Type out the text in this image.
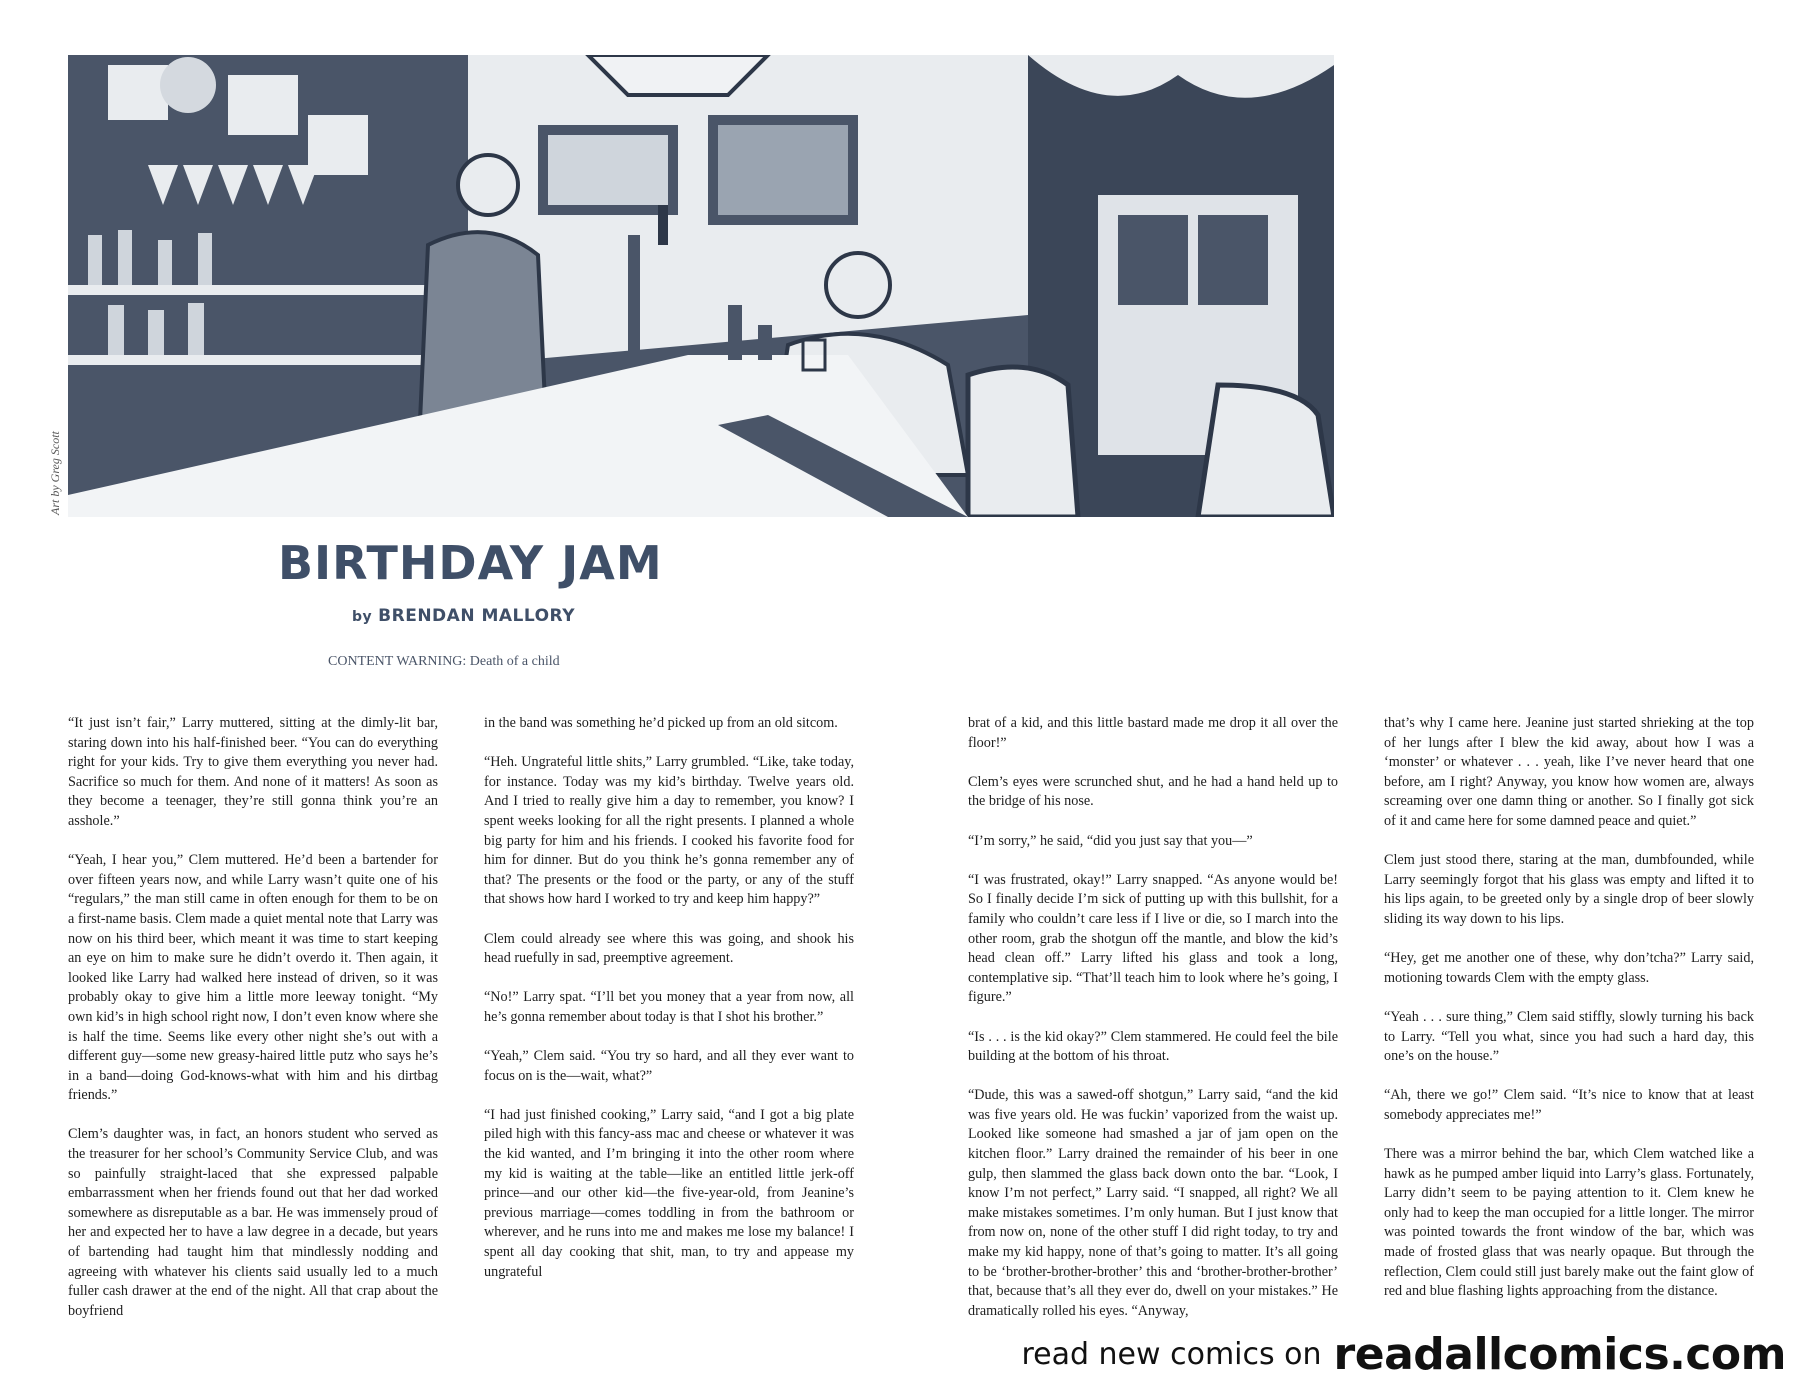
Art by Greg Scott
BIRTHDAY JAM
by BRENDAN MALLORY
CONTENT WARNING: Death of a child

“It just isn’t fair,” Larry muttered, sitting at the dimly-lit bar, staring down into his half-finished beer. “You can do everything right for your kids. Try to give them everything you never had. Sacrifice so much for them. And none of it matters! As soon as they become a teenager, they’re still gonna think you’re an asshole.”

“Yeah, I hear you,” Clem muttered. He’d been a bartender for over fifteen years now, and while Larry wasn’t quite one of his “regulars,” the man still came in often enough for them to be on a first-name basis. Clem made a quiet mental note that Larry was now on his third beer, which meant it was time to start keeping an eye on him to make sure he didn’t overdo it. Then again, it looked like Larry had walked here instead of driven, so it was probably okay to give him a little more leeway tonight. “My own kid’s in high school right now, I don’t even know where she is half the time. Seems like every other night she’s out with a different guy—some new greasy-haired little putz who says he’s in a band—doing God-knows-what with him and his dirtbag friends.”

Clem’s daughter was, in fact, an honors student who served as the treasurer for her school’s Community Service Club, and was so painfully straight-laced that she expressed palpable embarrassment when her friends found out that her dad worked somewhere as disreputable as a bar. He was immensely proud of her and expected her to have a law degree in a decade, but years of bartending had taught him that mindlessly nodding and agreeing with whatever his clients said usually led to a much fuller cash drawer at the end of the night. All that crap about the boyfriend

in the band was something he’d picked up from an old sitcom.

“Heh. Ungrateful little shits,” Larry grumbled. “Like, take today, for instance. Today was my kid’s birthday. Twelve years old. And I tried to really give him a day to remember, you know? I spent weeks looking for all the right presents. I planned a whole big party for him and his friends. I cooked his favorite food for him for dinner. But do you think he’s gonna remember any of that? The presents or the food or the party, or any of the stuff that shows how hard I worked to try and keep him happy?”

Clem could already see where this was going, and shook his head ruefully in sad, preemptive agreement.

“No!” Larry spat. “I’ll bet you money that a year from now, all he’s gonna remember about today is that I shot his brother.”

“Yeah,” Clem said. “You try so hard, and all they ever want to focus on is the—wait, what?”

“I had just finished cooking,” Larry said, “and I got a big plate piled high with this fancy-ass mac and cheese or whatever it was the kid wanted, and I’m bringing it into the other room where my kid is waiting at the table—like an entitled little jerk-off prince—and our other kid—the five-year-old, from Jeanine’s previous marriage—comes toddling in from the bathroom or wherever, and he runs into me and makes me lose my balance! I spent all day cooking that shit, man, to try and appease my ungrateful

brat of a kid, and this little bastard made me drop it all over the floor!”

Clem’s eyes were scrunched shut, and he had a hand held up to the bridge of his nose.

“I’m sorry,” he said, “did you just say that you—”

“I was frustrated, okay!” Larry snapped. “As anyone would be! So I finally decide I’m sick of putting up with this bullshit, for a family who couldn’t care less if I live or die, so I march into the other room, grab the shotgun off the mantle, and blow the kid’s head clean off.” Larry lifted his glass and took a long, contemplative sip. “That’ll teach him to look where he’s going, I figure.”

“Is . . . is the kid okay?” Clem stammered. He could feel the bile building at the bottom of his throat.

“Dude, this was a sawed-off shotgun,” Larry said, “and the kid was five years old. He was fuckin’ vaporized from the waist up. Looked like someone had smashed a jar of jam open on the kitchen floor.” Larry drained the remainder of his beer in one gulp, then slammed the glass back down onto the bar. “Look, I know I’m not perfect,” Larry said. “I snapped, all right? We all make mistakes sometimes. I’m only human. But I just know that from now on, none of the other stuff I did right today, to try and make my kid happy, none of that’s going to matter. It’s all going to be ‘brother-brother-brother’ this and ‘brother-brother-brother’ that, because that’s all they ever do, dwell on your mistakes.” He dramatically rolled his eyes. “Anyway,

that’s why I came here. Jeanine just started shrieking at the top of her lungs after I blew the kid away, about how I was a ‘monster’ or whatever . . . yeah, like I’ve never heard that one before, am I right? Anyway, you know how women are, always screaming over one damn thing or another. So I finally got sick of it and came here for some damned peace and quiet.”

Clem just stood there, staring at the man, dumbfounded, while Larry seemingly forgot that his glass was empty and lifted it to his lips again, to be greeted only by a single drop of beer slowly sliding its way down to his lips.

“Hey, get me another one of these, why don’tcha?” Larry said, motioning towards Clem with the empty glass.

“Yeah . . . sure thing,” Clem said stiffly, slowly turning his back to Larry. “Tell you what, since you had such a hard day, this one’s on the house.”

“Ah, there we go!” Clem said. “It’s nice to know that at least somebody appreciates me!”

There was a mirror behind the bar, which Clem watched like a hawk as he pumped amber liquid into Larry’s glass. Fortunately, Larry didn’t seem to be paying attention to it. Clem knew he only had to keep the man occupied for a little longer. The mirror was pointed towards the front window of the bar, which was made of frosted glass that was nearly opaque. But through the reflection, Clem could still just barely make out the faint glow of red and blue flashing lights approaching from the distance.

read new comics on readallcomics.com
